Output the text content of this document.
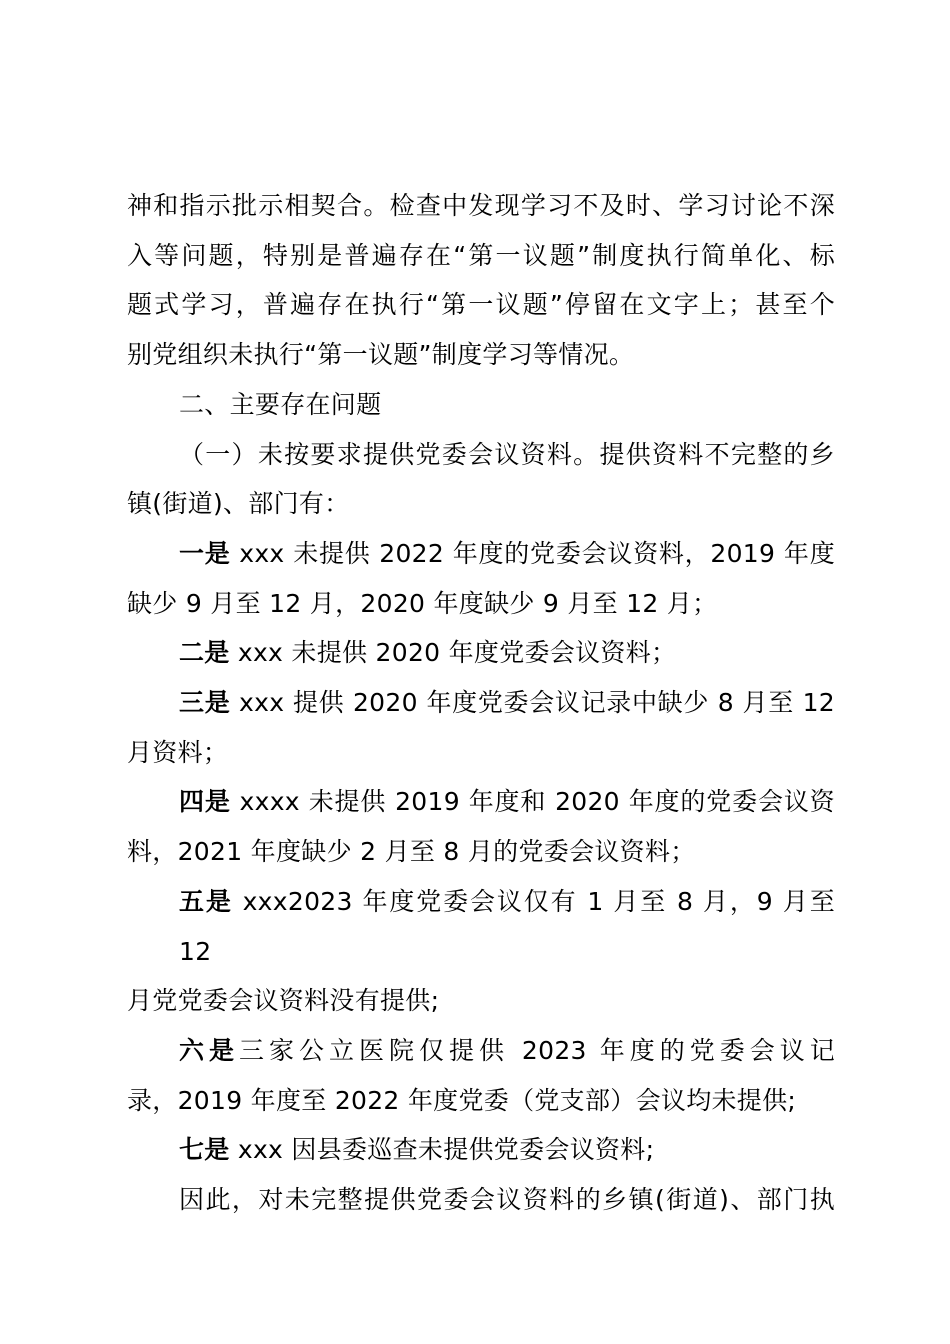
神和指示批示相契合。检查中发现学习不及时、学习讨论不深
入等问题，特别是普遍存在“第一议题”制度执行简单化、标
题式学习，普遍存在执行“第一议题”停留在文字上；甚至个
别党组织未执行“第一议题”制度学习等情况。
二、主要存在问题
（一）未按要求提供党委会议资料。提供资料不完整的乡
镇(街道)、部门有：
一是 xxx 未提供 2022 年度的党委会议资料，2019 年度
缺少 9 月至 12 月，2020 年度缺少 9 月至 12 月；
二是 xxx 未提供 2020 年度党委会议资料；
三是 xxx 提供 2020 年度党委会议记录中缺少 8 月至 12
月资料；
四是 xxxx 未提供 2019 年度和 2020 年度的党委会议资
料，2021 年度缺少 2 月至 8 月的党委会议资料；
五是 xxx2023 年度党委会议仅有 1 月至 8 月，9 月至 12
月党党委会议资料没有提供;
六是三家公立医院仅提供 2023 年度的党委会议记
录，2019 年度至 2022 年度党委（党支部）会议均未提供;
七是 xxx 因县委巡查未提供党委会议资料;
因此，对未完整提供党委会议资料的乡镇(街道)、部门执
